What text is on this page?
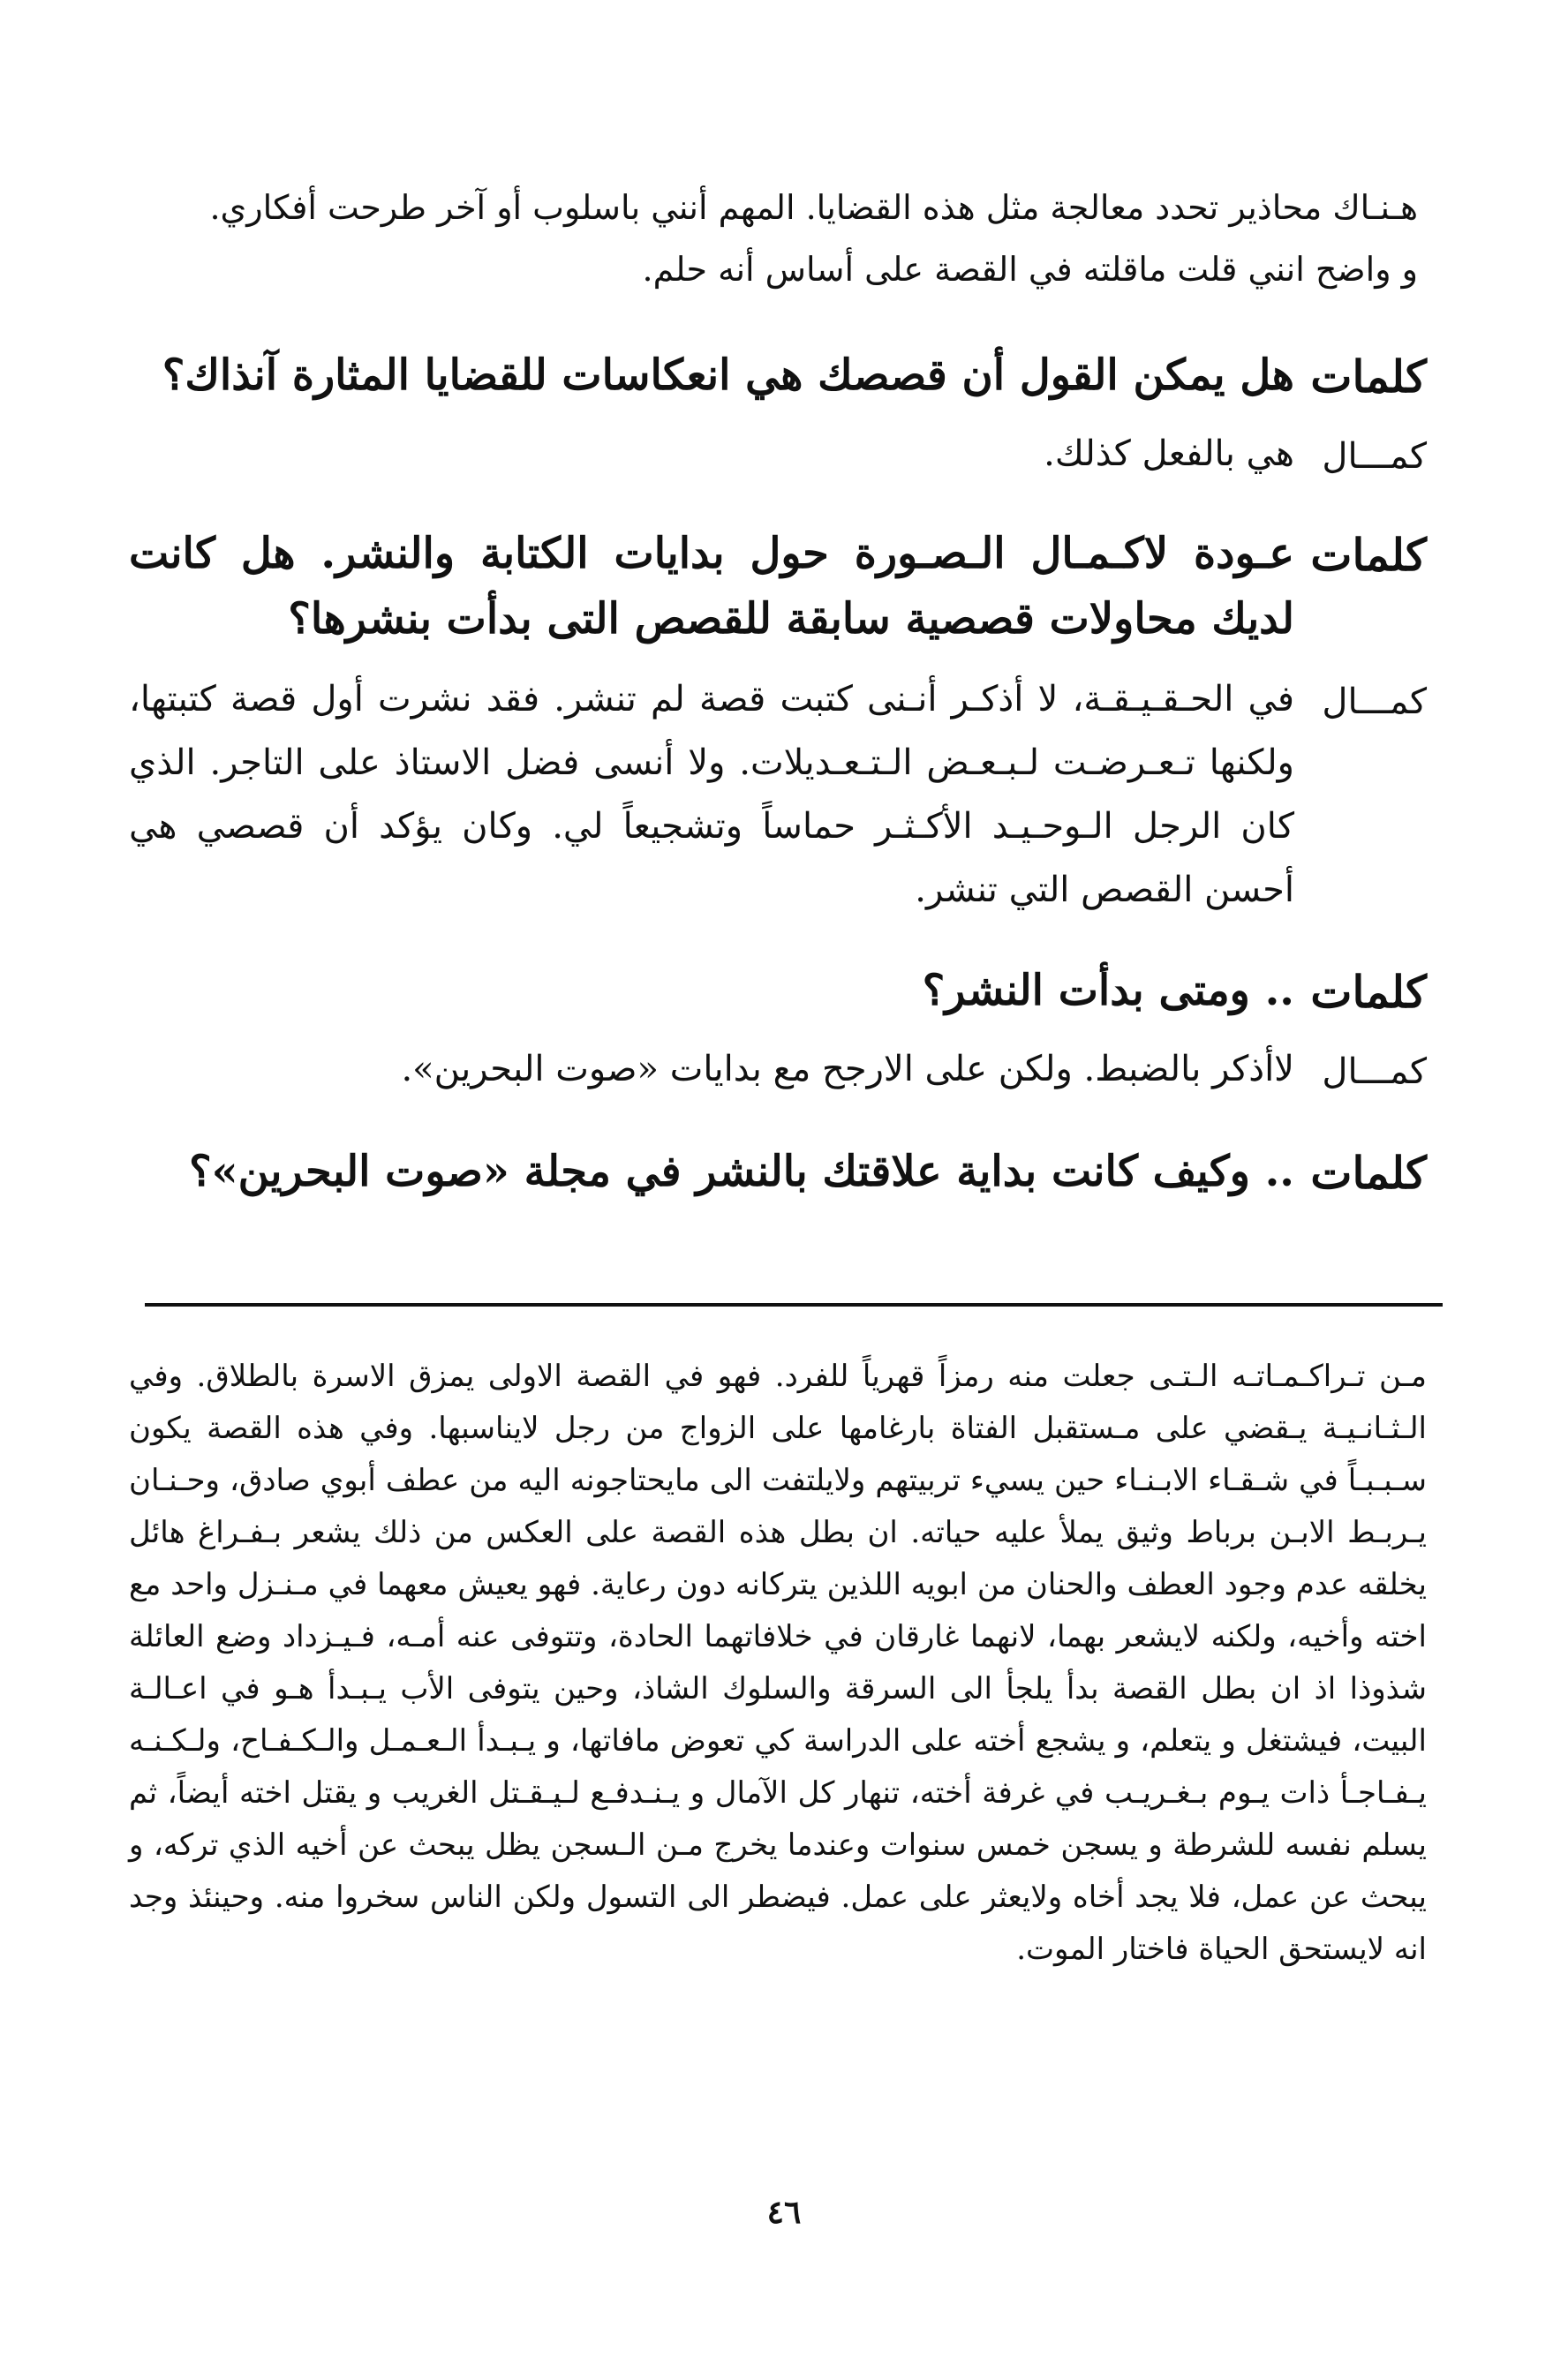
هـنـاك محاذير تحدد معالجة مثل هذه القضايا. المهم أنني باسلوب أو آخر طرحت أفكاري.

و واضح انني قلت ماقلته في القصة على أساس أنه حلم.

كلمات
هل يمكن القول أن قصصك هي انعكاسات للقضايا المثارة آنذاك؟
كمـــال
هي بالفعل كذلك.
كلمات
عـودة لاكـمـال الـصـورة حول بدايات الكتابة والنشر. هل كانت لديك محاولات قصصية سابقة للقصص التى بدأت بنشرها؟
كمـــال
في الحـقـيـقـة، لا أذكـر أنـنى كتبت قصة لم تنشر. فقد نشرت أول قصة كتبتها، ولكنها تـعـرضـت لـبـعـض الـتـعـديلات. ولا أنسى فضل الاستاذ على التاجر. الذي كان الرجل الـوحـيـد الأكـثـر حماساً وتشجيعاً لي. وكان يؤكد أن قصصي هي أحسن القصص التي تنشر.
كلمات
.. ومتى بدأت النشر؟
كمـــال
لاأذكر بالضبط. ولكن على الارجح مع بدايات «صوت البحرين».
كلمات
.. وكيف كانت بداية علاقتك بالنشر في مجلة «صوت البحرين»؟
مـن تـراكـمـاتـه الـتـى جعلت منه رمزاً قهرياً للفرد. فهو في القصة الاولى يمزق الاسرة بالطلاق. وفي الـثـانـيـة يـقضي على مـستقبل الفتاة بارغامها على الزواج من رجل لايناسبها. وفي هذه القصة يكون سـبـبـاً في شـقـاء الابـنـاء حين يسيء تربيتهم ولايلتفت الى مايحتاجونه اليه من عطف أبوي صادق، وحـنـان يـربـط الابـن برباط وثيق يملأ عليه حياته. ان بطل هذه القصة على العكس من ذلك يشعر بـفـراغ هائل يخلقه عدم وجود العطف والحنان من ابويه اللذين يتركانه دون رعاية. فهو يعيش معهما في مـنـزل واحد مع اخته وأخيه، ولكنه لايشعر بهما، لانهما غارقان في خلافاتهما الحادة، وتتوفى عنه أمـه، فـيـزداد وضع العائلة شذوذا اذ ان بطل القصة بدأ يلجأ الى السرقة والسلوك الشاذ، وحين يتوفى الأب يـبـدأ هـو في اعـالـة البيت، فيشتغل و يتعلم، و يشجع أخته على الدراسة كي تعوض مافاتها، و يـبـدأ الـعـمـل والـكـفـاح، ولـكـنـه يـفـاجـأ ذات يـوم بـغـريـب في غرفة أخته، تنهار كل الآمال و يـنـدفـع لـيـقـتل الغريب و يقتل اخته أيضاً، ثم يسلم نفسه للشرطة و يسجن خمس سنوات وعندما يخرج مـن الـسجن يظل يبحث عن أخيه الذي تركه، و يبحث عن عمل، فلا يجد أخاه ولايعثر على عمل. فيضطر الى التسول ولكن الناس سخروا منه. وحينئذ وجد انه لايستحق الحياة فاختار الموت.
٤٦
